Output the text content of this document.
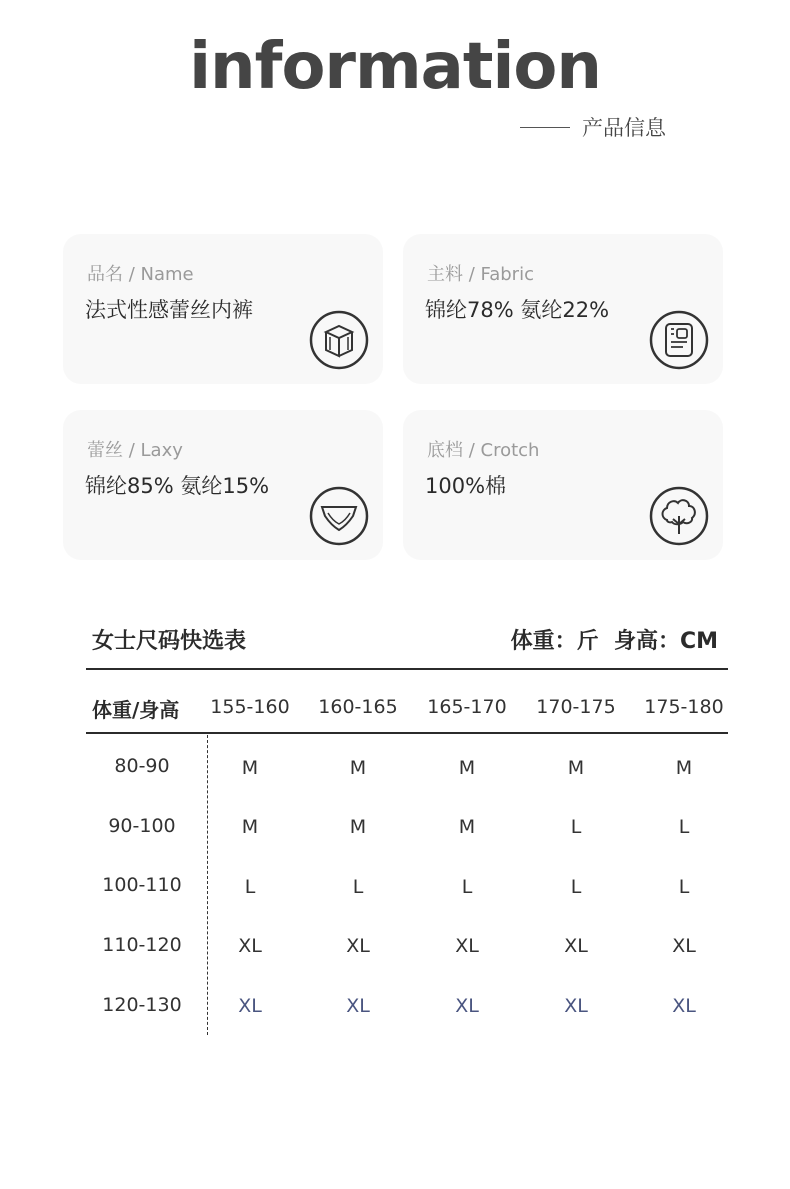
information
产品信息
品名 / Name
法式性感蕾丝内裤
主料 / Fabric
锦纶78% 氨纶22%
蕾丝 / Laxy
锦纶85% 氨纶15%
底档 / Crotch
100%棉
女士尺码快选表	体重：斤  身高：CM
体重/身高	155-160	160-165	165-170	170-175	175-180
80-90	M	M	M	M	M
90-100	M	M	M	L	L
100-110	L	L	L	L	L
110-120	XL	XL	XL	XL	XL
120-130	XL	XL	XL	XL	XL
